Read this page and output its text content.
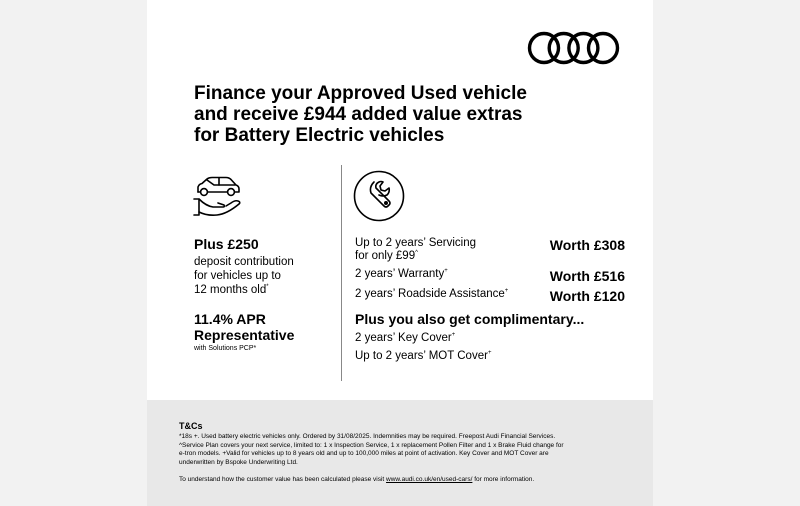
Finance your Approved Used vehicle
and receive £944 added value extras
for Battery Electric vehicles
Plus £250
deposit contribution
for vehicles up to
12 months old*
11.4% APR
Representative
with Solutions PCP*
Up to 2 years’ Servicing
for only £99^
Worth £308
2 years’ Warranty+	Worth £516
2 years’ Roadside Assistance+	Worth £120
Plus you also get complimentary...
2 years’ Key Cover+
Up to 2 years’ MOT Cover+
T&Cs
*18s +. Used battery electric vehicles only. Ordered by 31/08/2025. Indemnities may be required. Freepost Audi Financial Services.
^Service Plan covers your next service, limited to: 1 x Inspection Service, 1 x replacement Pollen Filter and 1 x Brake Fluid change for
e-tron models. +Valid for vehicles up to 8 years old and up to 100,000 miles at point of activation. Key Cover and MOT Cover are
underwritten by Bspoke Underwriting Ltd.
To understand how the customer value has been calculated please visit www.audi.co.uk/en/used-cars/ for more information.
